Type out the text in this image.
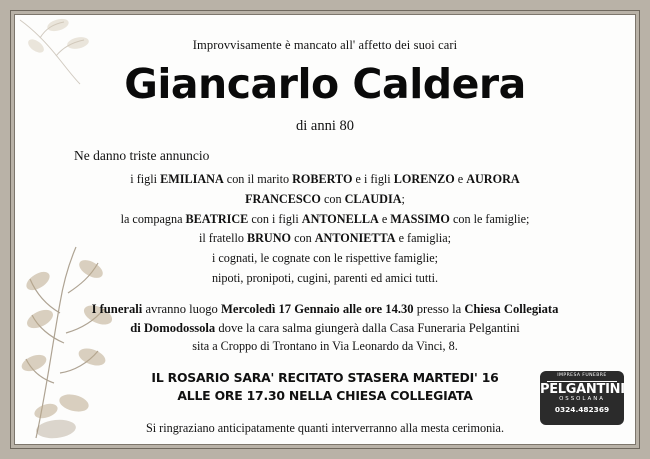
Improvvisamente è mancato all' affetto dei suoi cari
Giancarlo Caldera
di anni 80
Ne danno triste annuncio
i figli EMILIANA con il marito ROBERTO e i figli LORENZO e AURORA
FRANCESCO con CLAUDIA;
la compagna BEATRICE con i figli ANTONELLA e MASSIMO con le famiglie;
il fratello BRUNO con ANTONIETTA e famiglia;
i cognati, le cognate con le rispettive famiglie;
nipoti, pronipoti, cugini, parenti ed amici tutti.
I funerali avranno luogo Mercoledì 17 Gennaio alle ore 14.30 presso la Chiesa Collegiata
di Domodossola dove la cara salma giungerà dalla Casa Funeraria Pelgantini
sita a Croppo di Trontano in Via Leonardo da Vinci, 8.
IL ROSARIO SARA' RECITATO STASERA MARTEDI' 16
ALLE ORE 17.30 NELLA CHIESA COLLEGIATA
Si ringraziano anticipatamente quanti interverranno alla mesta cerimonia.
IMPRESA FUNEBRE
PELGANTINI
OSSOLANA
0324.482369
